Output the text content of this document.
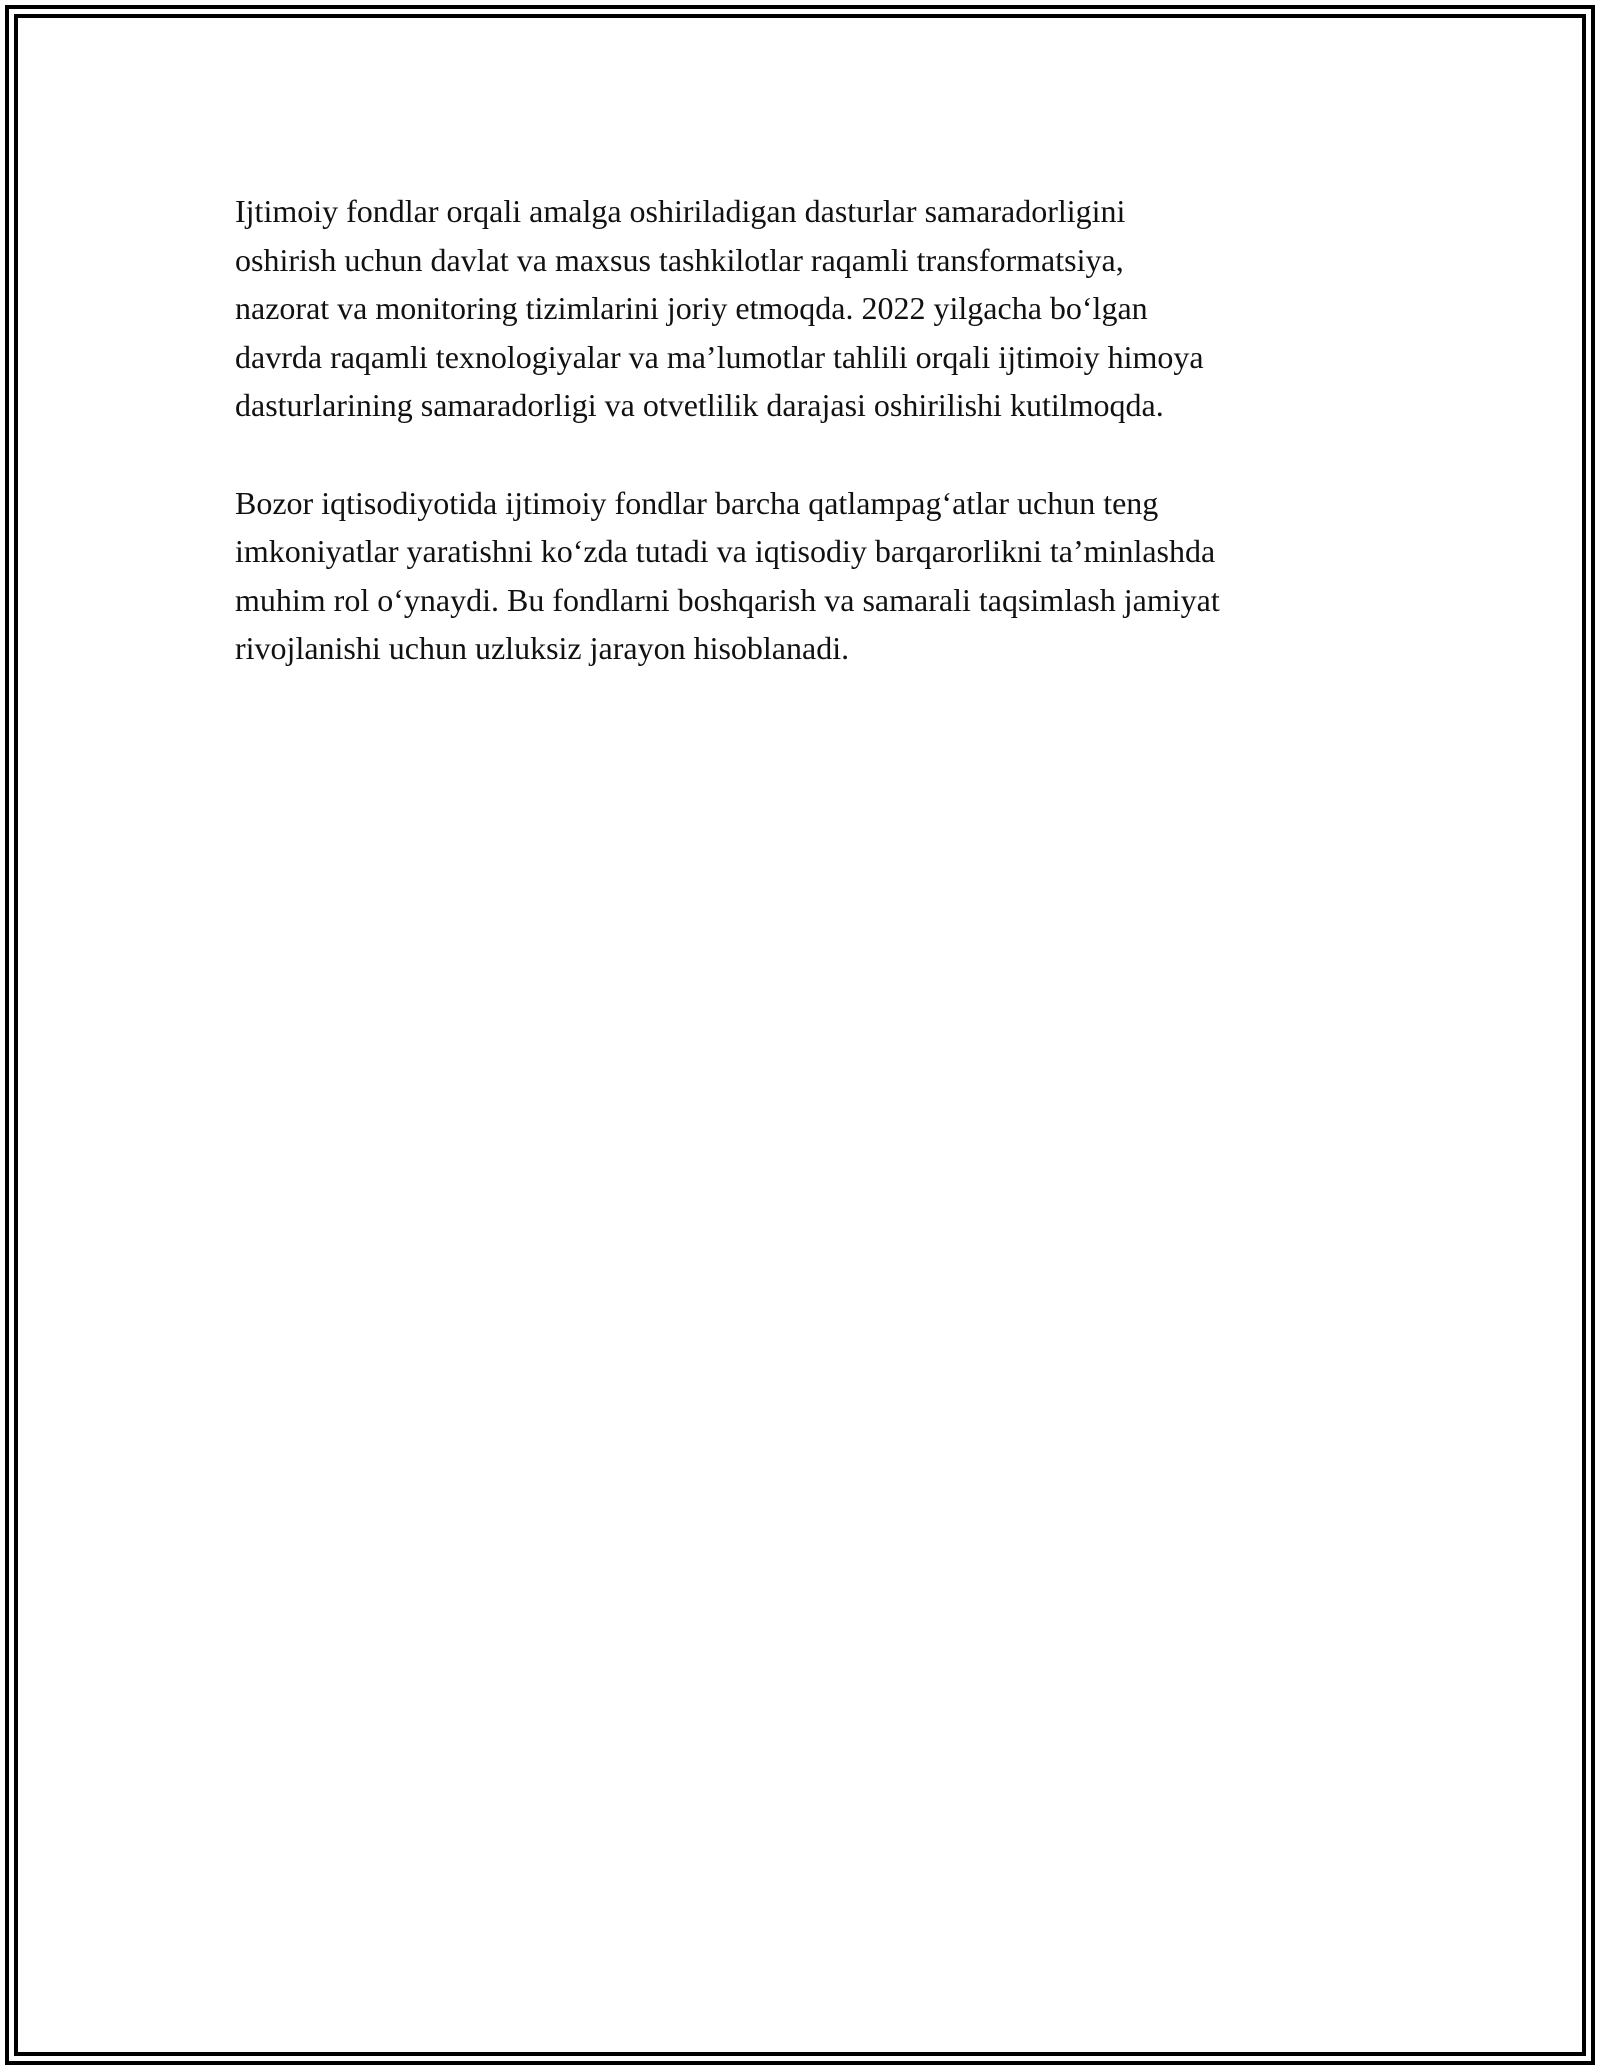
Ijtimoiy fondlar orqali amalga oshiriladigan dasturlar samaradorligini
oshirish uchun davlat va maxsus tashkilotlar raqamli transformatsiya,
nazorat va monitoring tizimlarini joriy etmoqda. 2022 yilgacha bo‘lgan
davrda raqamli texnologiyalar va ma’lumotlar tahlili orqali ijtimoiy himoya
dasturlarining samaradorligi va otvetlilik darajasi oshirilishi kutilmoqda.

Bozor iqtisodiyotida ijtimoiy fondlar barcha qatlampag‘atlar uchun teng
imkoniyatlar yaratishni ko‘zda tutadi va iqtisodiy barqarorlikni ta’minlashda
muhim rol o‘ynaydi. Bu fondlarni boshqarish va samarali taqsimlash jamiyat
rivojlanishi uchun uzluksiz jarayon hisoblanadi.
